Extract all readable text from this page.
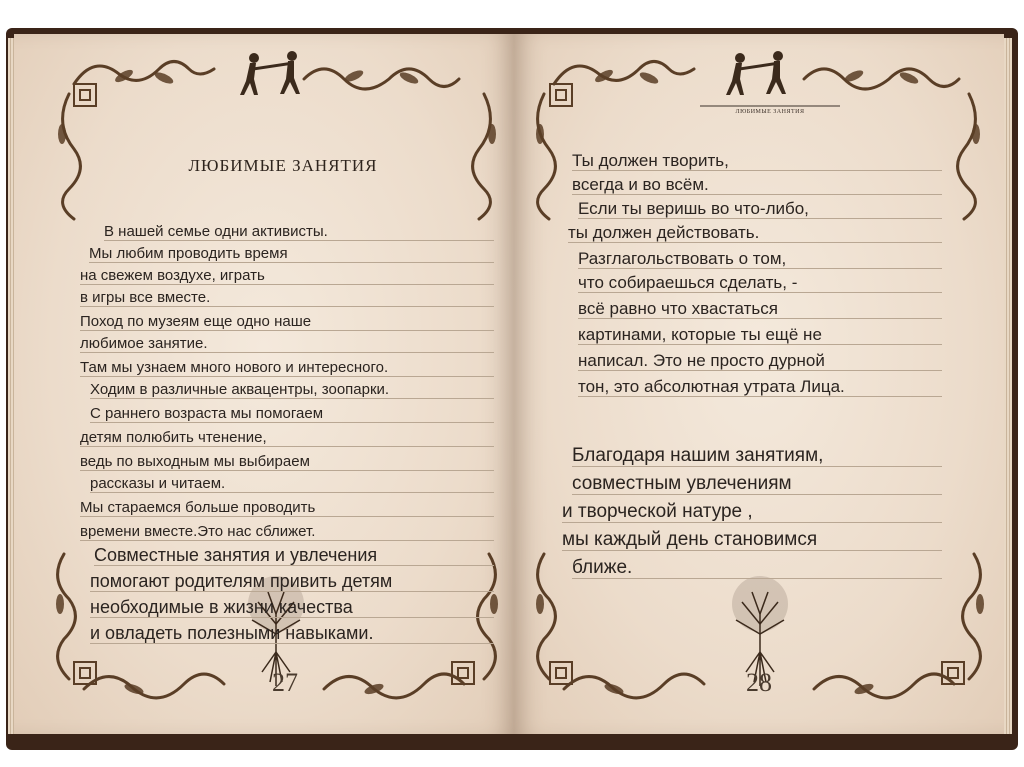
ЛЮБИМЫЕ ЗАНЯТИЯ
В нашей семье одни активисты.
Мы любим проводить время
на свежем воздухе, играть
в игры все вместе.
Поход по музеям еще одно наше
любимое занятие.
Там мы узнаем много нового и интересного.
Ходим в различные аквацентры, зоопарки.
С раннего возраста мы помогаем
детям полюбить чтенение,
ведь по выходным мы выбираем
рассказы и читаем.
Мы стараемся больше проводить
времени вместе.Это нас сближет.
Совместные занятия и увлечения
помогают родителям привить детям
необходимые в жизни качества
и овладеть полезными навыками.
27
ЛЮБИМЫЕ ЗАНЯТИЯ
Ты должен творить,
всегда и во всём.
Если ты веришь во что-либо,
ты должен действовать.
Разглагольствовать о том,
что собираешься сделать, -
всё равно что хвастаться
картинами, которые ты ещё не
написал. Это не просто дурной
тон, это абсолютная утрата Лица.
Благодаря нашим занятиям,
совместным увлечениям
и творческой натуре ,
мы каждый день становимся
ближе.
28
